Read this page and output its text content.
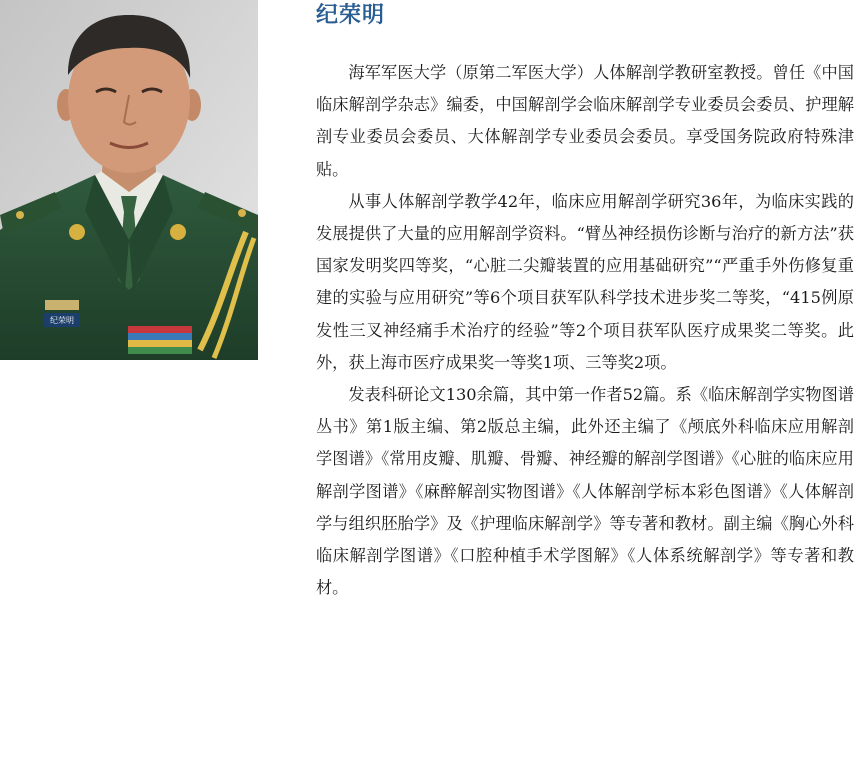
纪荣明
纪荣明

海军军医大学（原第二军医大学）人体解剖学教研室教授。曾任《中国临床解剖学杂志》编委，中国解剖学会临床解剖学专业委员会委员、护理解剖专业委员会委员、大体解剖学专业委员会委员。享受国务院政府特殊津贴。

从事人体解剖学教学42年，临床应用解剖学研究36年，为临床实践的发展提供了大量的应用解剖学资料。“臂丛神经损伤诊断与治疗的新方法”获国家发明奖四等奖，“心脏二尖瓣装置的应用基础研究”“严重手外伤修复重建的实验与应用研究”等6个项目获军队科学技术进步奖二等奖，“415例原发性三叉神经痛手术治疗的经验”等2个项目获军队医疗成果奖二等奖。此外，获上海市医疗成果奖一等奖1项、三等奖2项。

发表科研论文130余篇，其中第一作者52篇。系《临床解剖学实物图谱丛书》第1版主编、第2版总主编，此外还主编了《颅底外科临床应用解剖学图谱》《常用皮瓣、肌瓣、骨瓣、神经瓣的解剖学图谱》《心脏的临床应用解剖学图谱》《麻醉解剖实物图谱》《人体解剖学标本彩色图谱》《人体解剖学与组织胚胎学》及《护理临床解剖学》等专著和教材。副主编《胸心外科临床解剖学图谱》《口腔种植手术学图解》《人体系统解剖学》等专著和教材。
